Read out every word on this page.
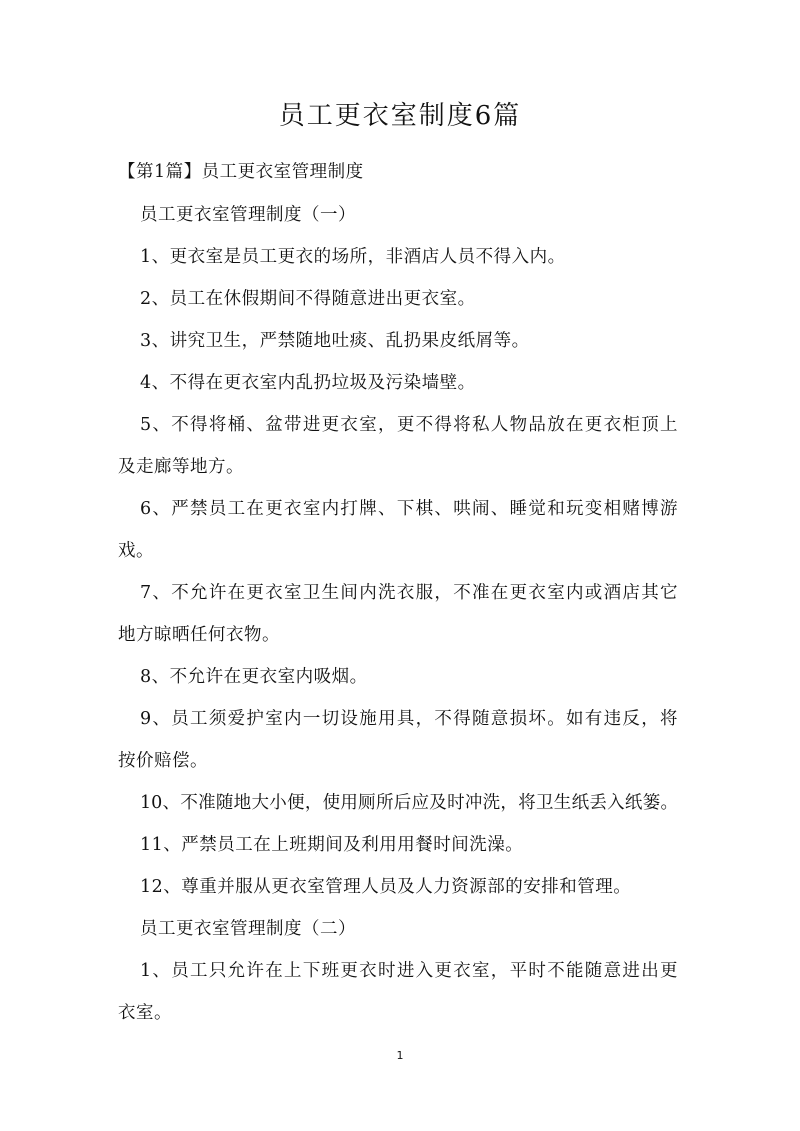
员工更衣室制度6篇
【第1篇】员工更衣室管理制度
员工更衣室管理制度（一）
1、更衣室是员工更衣的场所，非酒店人员不得入内。
2、员工在休假期间不得随意进出更衣室。
3、讲究卫生，严禁随地吐痰、乱扔果皮纸屑等。
4、不得在更衣室内乱扔垃圾及污染墙壁。
5、不得将桶、盆带进更衣室，更不得将私人物品放在更衣柜顶上
及走廊等地方。
6、严禁员工在更衣室内打牌、下棋、哄闹、睡觉和玩变相赌博游
戏。
7、不允许在更衣室卫生间内洗衣服，不准在更衣室内或酒店其它
地方晾晒任何衣物。
8、不允许在更衣室内吸烟。
9、员工须爱护室内一切设施用具，不得随意损坏。如有违反，将
按价赔偿。
10、不准随地大小便，使用厕所后应及时冲洗，将卫生纸丢入纸篓。
11、严禁员工在上班期间及利用用餐时间洗澡。
12、尊重并服从更衣室管理人员及人力资源部的安排和管理。
员工更衣室管理制度（二）
1、员工只允许在上下班更衣时进入更衣室，平时不能随意进出更
衣室。
1
